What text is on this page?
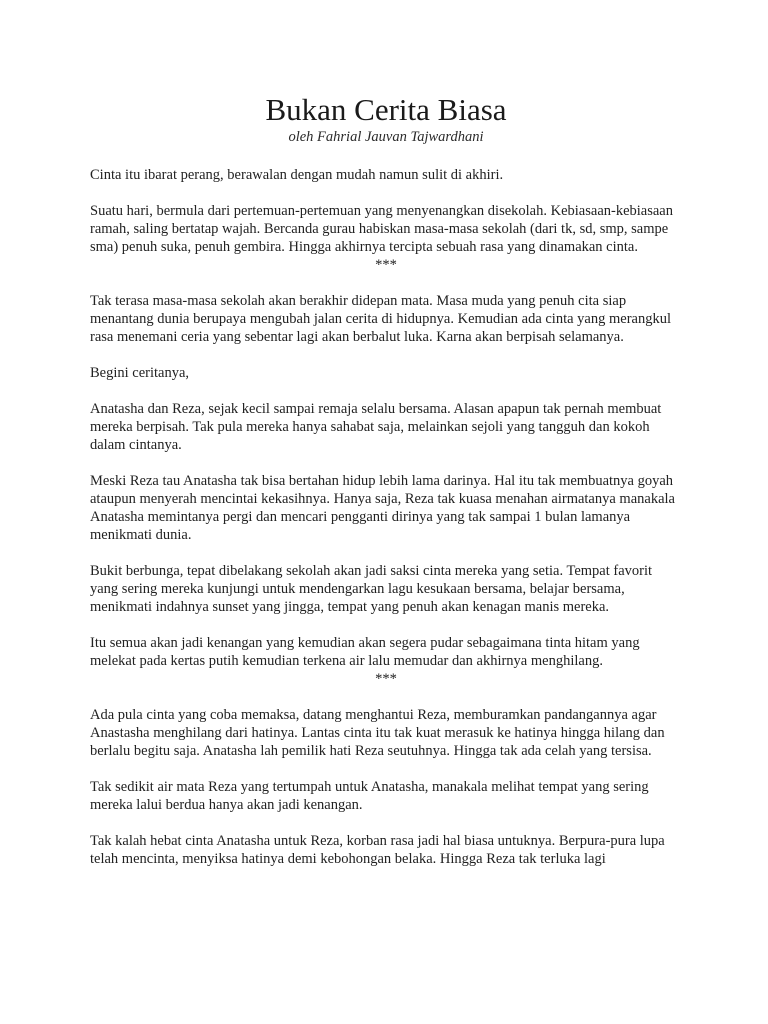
Bukan Cerita Biasa

oleh Fahrial Jauvan Tajwardhani

Cinta itu ibarat perang, berawalan dengan mudah namun sulit di akhiri.

Suatu hari, bermula dari pertemuan-pertemuan yang menyenangkan disekolah. Kebiasaan-kebiasaan ramah, saling bertatap wajah. Bercanda gurau habiskan masa-masa sekolah (dari tk, sd, smp, sampe sma) penuh suka, penuh gembira. Hingga akhirnya tercipta sebuah rasa yang dinamakan cinta.

***

Tak terasa masa-masa sekolah akan berakhir didepan mata. Masa muda yang penuh cita siap menantang dunia berupaya mengubah jalan cerita di hidupnya. Kemudian ada cinta yang merangkul rasa menemani ceria yang sebentar lagi akan berbalut luka. Karna akan berpisah selamanya.

Begini ceritanya,

Anatasha dan Reza, sejak kecil sampai remaja selalu bersama. Alasan apapun tak pernah membuat mereka berpisah. Tak pula mereka hanya sahabat saja, melainkan sejoli yang tangguh dan kokoh dalam cintanya.

Meski Reza tau Anatasha tak bisa bertahan hidup lebih lama darinya. Hal itu tak membuatnya goyah ataupun menyerah mencintai kekasihnya. Hanya saja, Reza tak kuasa menahan airmatanya manakala Anatasha memintanya pergi dan mencari pengganti dirinya yang tak sampai 1 bulan lamanya menikmati dunia.

Bukit berbunga, tepat dibelakang sekolah akan jadi saksi cinta mereka yang setia. Tempat favorit yang sering mereka kunjungi untuk mendengarkan lagu kesukaan bersama, belajar bersama, menikmati indahnya sunset yang jingga, tempat yang penuh akan kenagan manis mereka.

Itu semua akan jadi kenangan yang kemudian akan segera pudar sebagaimana tinta hitam yang melekat pada kertas putih kemudian terkena air lalu memudar dan akhirnya menghilang.

***

Ada pula cinta yang coba memaksa, datang menghantui Reza, memburamkan pandangannya agar Anastasha menghilang dari hatinya. Lantas cinta itu tak kuat merasuk ke hatinya hingga hilang dan berlalu begitu saja. Anatasha lah pemilik hati Reza seutuhnya. Hingga tak ada celah yang tersisa.

Tak sedikit air mata Reza yang tertumpah untuk Anatasha, manakala melihat tempat yang sering mereka lalui berdua hanya akan jadi kenangan.

Tak kalah hebat cinta Anatasha untuk Reza, korban rasa jadi hal biasa untuknya. Berpura-pura lupa telah mencinta, menyiksa hatinya demi kebohongan belaka. Hingga Reza tak terluka lagi
